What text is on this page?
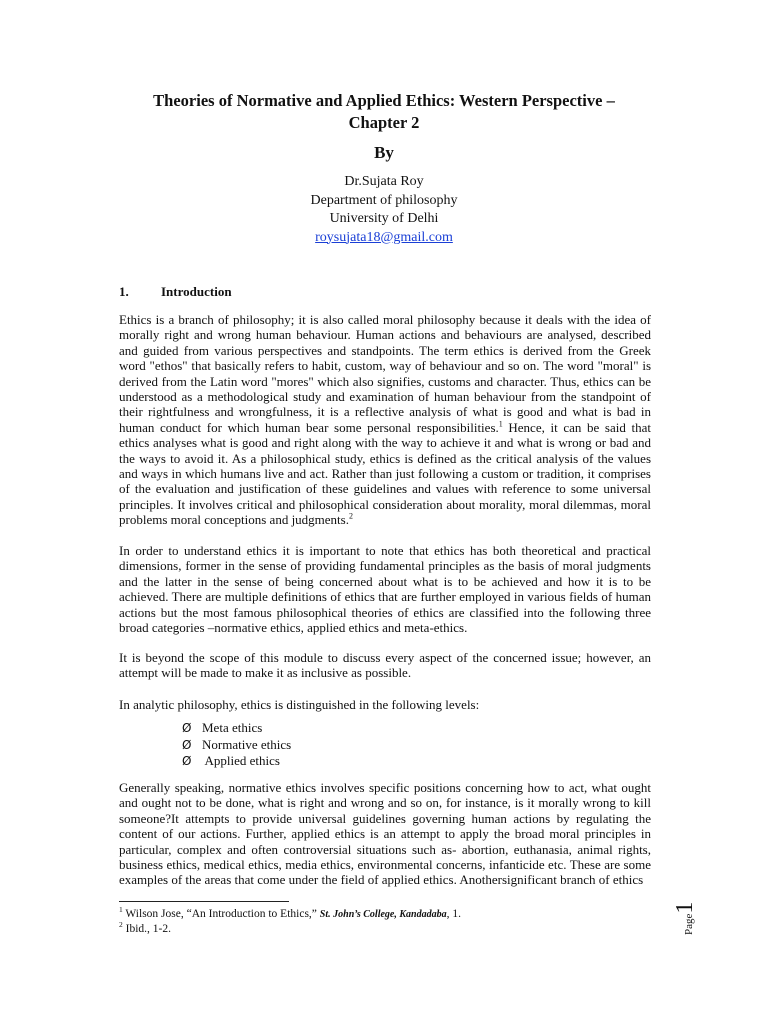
Theories of Normative and Applied Ethics: Western Perspective –
Chapter 2
By
Dr.Sujata Roy
Department of philosophy
University of Delhi
roysujata18@gmail.com
1. Introduction

Ethics is a branch of philosophy; it is also called moral philosophy because it deals with the idea of morally right and wrong human behaviour. Human actions and behaviours are analysed, described and guided from various perspectives and standpoints. The term ethics is derived from the Greek word "ethos" that basically refers to habit, custom, way of behaviour and so on. The word "moral" is derived from the Latin word "mores" which also signifies, customs and character. Thus, ethics can be understood as a methodological study and examination of human behaviour from the standpoint of their rightfulness and wrongfulness, it is a reflective analysis of what is good and what is bad in human conduct for which human bear some personal responsibilities.$^1$ Hence, it can be said that ethics analyses what is good and right along with the way to achieve it and what is wrong or bad and the ways to avoid it. As a philosophical study, ethics is defined as the critical analysis of the values and ways in which humans live and act. Rather than just following a custom or tradition, it comprises of the evaluation and justification of these guidelines and values with reference to some universal principles. It involves critical and philosophical consideration about morality, moral dilemmas, moral problems moral conceptions and judgments.$^2$

In order to understand ethics it is important to note that ethics has both theoretical and practical dimensions, former in the sense of providing fundamental principles as the basis of moral judgments and the latter in the sense of being concerned about what is to be achieved and how it is to be achieved. There are multiple definitions of ethics that are further employed in various fields of human actions but the most famous philosophical theories of ethics are classified into the following three broad categories –normative ethics, applied ethics and meta-ethics.

It is beyond the scope of this module to discuss every aspect of the concerned issue; however, an attempt will be made to make it as inclusive as possible.

In analytic philosophy, ethics is distinguished in the following levels:

Ø Meta ethics
Ø Normative ethics
Ø Applied ethics

Generally speaking, normative ethics involves specific positions concerning how to act, what ought and ought not to be done, what is right and wrong and so on, for instance, is it morally wrong to kill someone?It attempts to provide universal guidelines governing human actions by regulating the content of our actions. Further, applied ethics is an attempt to apply the broad moral principles in particular, complex and often controversial situations such as- abortion, euthanasia, animal rights, business ethics, medical ethics, media ethics, environmental concerns, infanticide etc. These are some examples of the areas that come under the field of applied ethics. Anothersignificant branch of ethics

$^1$ Wilson Jose, “An Introduction to Ethics,” St. John’s College, Kandadaba, 1.
$^2$ Ibid., 1-2.	Page1
